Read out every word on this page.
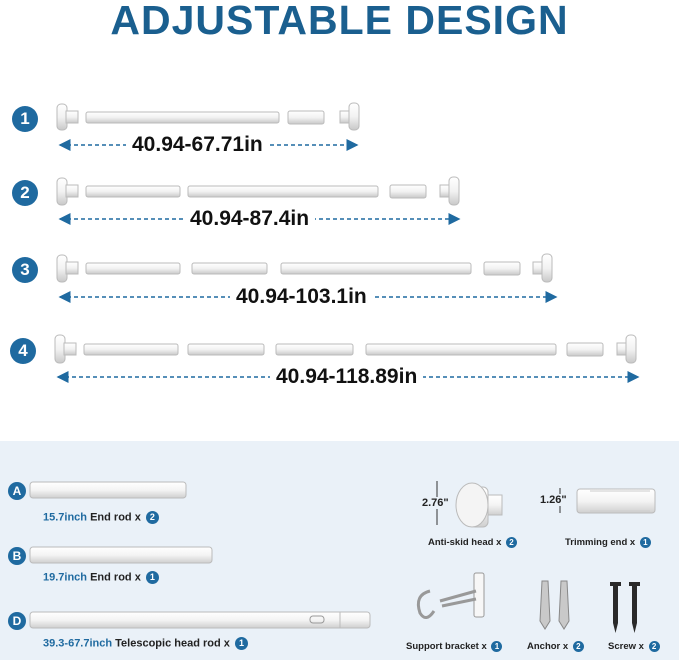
ADJUSTABLE DESIGN
1
40.94-67.71in
2
40.94-87.4in
3
40.94-103.1in
4
40.94-118.89in
A
15.7inch End rod x 2
B
19.7inch End rod x 1
D
39.3-67.7inch Telescopic head rod x 1
2.76"	1.26"
Anti-skid head x 2	Trimming end x 1
Support bracket x 1	Anchor x 2	Screw x 2
